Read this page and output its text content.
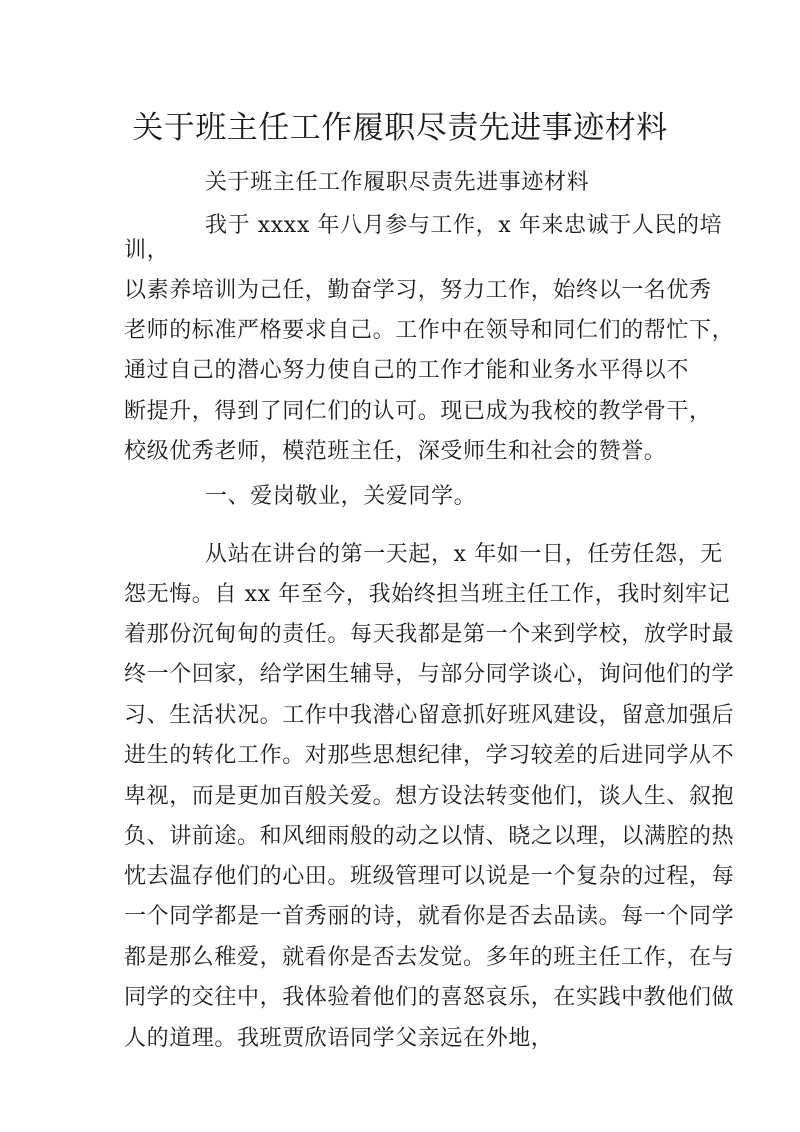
关于班主任工作履职尽责先进事迹材料
关于班主任工作履职尽责先进事迹材料
我于 xxxx 年八月参与工作，x 年来忠诚于人民的培
训，
以素养培训为己任，勤奋学习，努力工作，始终以一名优秀
老师的标准严格要求自己。工作中在领导和同仁们的帮忙下，
通过自己的潜心努力使自己的工作才能和业务水平得以不
断提升，得到了同仁们的认可。现已成为我校的教学骨干，
校级优秀老师，模范班主任，深受师生和社会的赞誉。
一、爱岗敬业，关爱同学。
从站在讲台的第一天起，x 年如一日，任劳任怨，无
怨无悔。自 xx 年至今，我始终担当班主任工作，我时刻牢记
着那份沉甸甸的责任。每天我都是第一个来到学校，放学时最
终一个回家，给学困生辅导，与部分同学谈心，询问他们的学
习、生活状况。工作中我潜心留意抓好班风建设，留意加强后
进生的转化工作。对那些思想纪律，学习较差的后进同学从不
卑视，而是更加百般关爱。想方设法转变他们，谈人生、叙抱
负、讲前途。和风细雨般的动之以情、晓之以理，以满腔的热
忱去温存他们的心田。班级管理可以说是一个复杂的过程，每
一个同学都是一首秀丽的诗，就看你是否去品读。每一个同学
都是那么稚爱，就看你是否去发觉。多年的班主任工作，在与
同学的交往中，我体验着他们的喜怒哀乐，在实践中教他们做
人的道理。我班贾欣语同学父亲远在外地，
